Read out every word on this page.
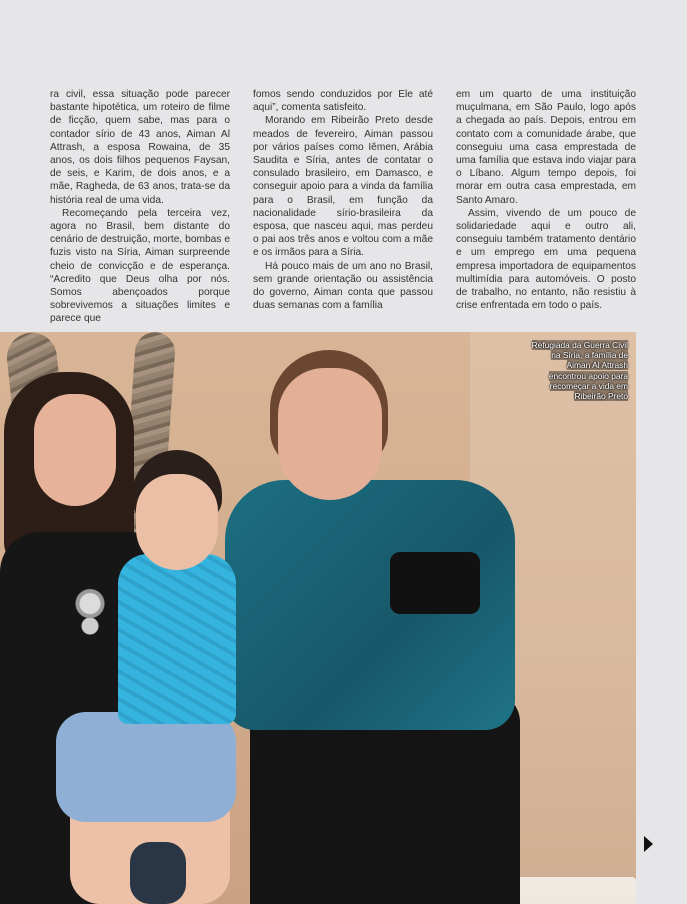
ra civil, essa situação pode parecer bastante hipotética, um roteiro de filme de ficção, quem sabe, mas para o contador sírio de 43 anos, Aiman Al Attrash, a esposa Rowaina, de 35 anos, os dois filhos pequenos Faysan, de seis, e Karim, de dois anos, e a mãe, Ragheda, de 63 anos, trata-se da história real de uma vida.

Recomeçando pela terceira vez, agora no Brasil, bem distante do cenário de destruição, morte, bombas e fuzis visto na Síria, Aiman surpreende cheio de convicção e de esperança. “Acredito que Deus olha por nós. Somos abençoados porque sobrevivemos a situações limites e parece que

fomos sendo conduzidos por Ele até aqui”, comenta satisfeito.

Morando em Ribeirão Preto desde meados de fevereiro, Aiman passou por vários países como Iêmen, Arábia Saudita e Síria, antes de contatar o consulado brasileiro, em Damasco, e conseguir apoio para a vinda da família para o Brasil, em função da nacionalidade sírio-brasileira da esposa, que nasceu aqui, mas perdeu o pai aos três anos e voltou com a mãe e os irmãos para a Síria.

Há pouco mais de um ano no Brasil, sem grande orientação ou assistência do governo, Aiman conta que passou duas semanas com a família

em um quarto de uma instituição muçulmana, em São Paulo, logo após a chegada ao país. Depois, entrou em contato com a comunidade árabe, que conseguiu uma casa emprestada de uma família que estava indo viajar para o Líbano. Algum tempo depois, foi morar em outra casa emprestada, em Santo Amaro.

Assim, vivendo de um pouco de solidariedade aqui e outro ali, conseguiu também tratamento dentário e um emprego em uma pequena empresa importadora de equipamentos multimídia para automóveis. O posto de trabalho, no entanto, não resistiu à crise enfrentada em todo o país.

Refugiada da Guerra Civil na Síria, a família de Aiman Al Attrash encontrou apoio para recomeçar a vida em Ribeirão Preto
